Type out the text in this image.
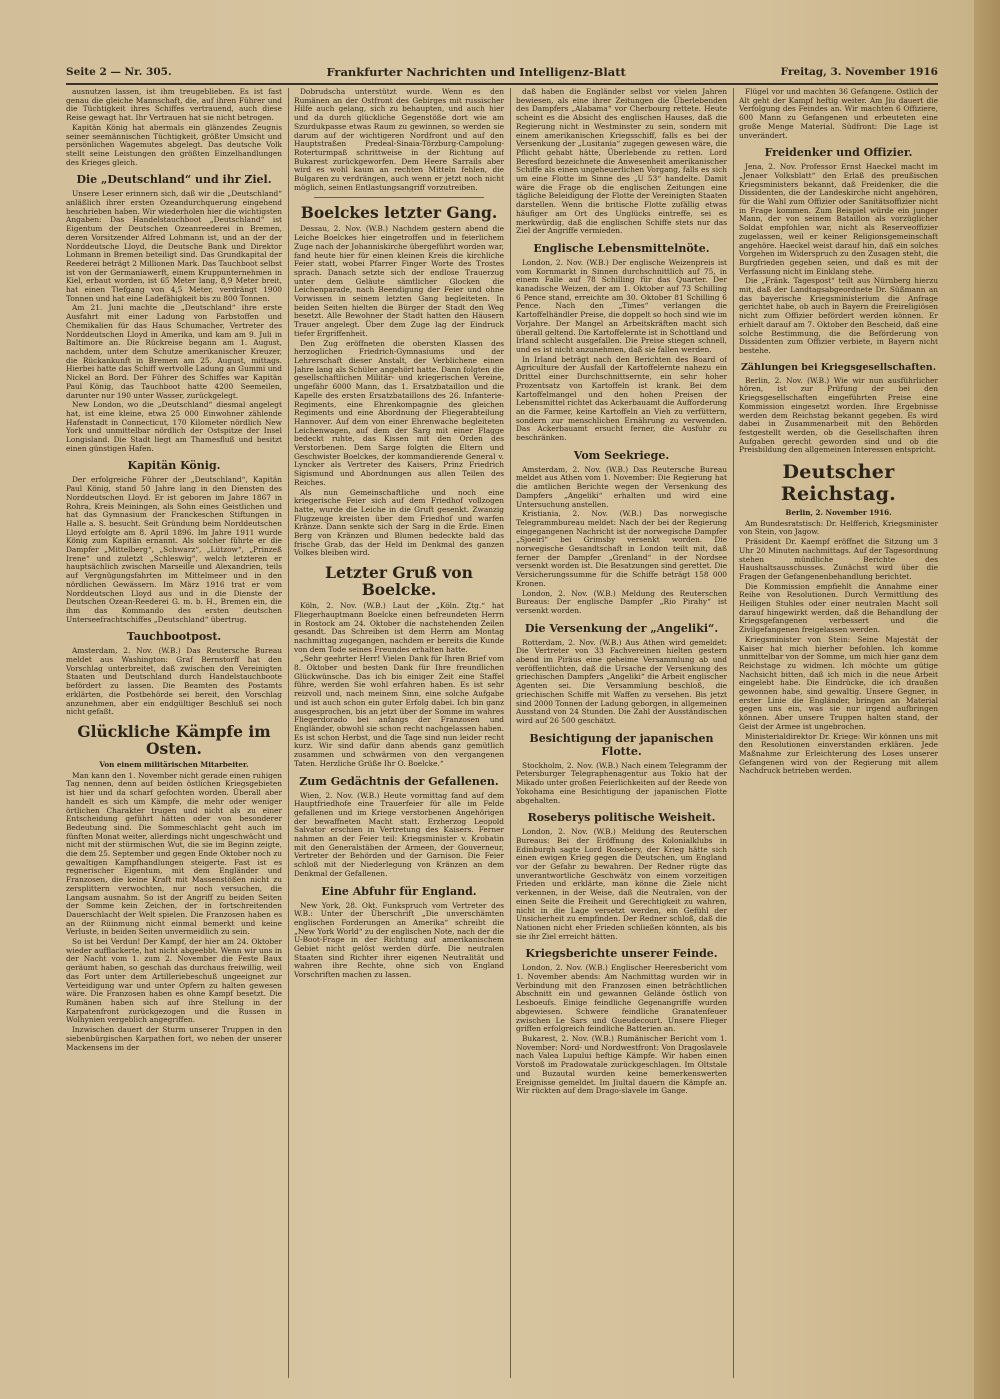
Seite 2 — Nr. 305.	Frankfurter Nachrichten und Intelligenz-Blatt	Freitag, 3. November 1916

ausnutzen lassen, ist ihm treugeblieben. Es ist fast genau die gleiche Mannschaft, die, auf ihren Führer und die Tüchtigkeit ihres Schiffes vertrauend, auch diese Reise gewagt hat. Ihr Vertrauen hat sie nicht betrogen.

Kapitän König hat abermals ein glänzendes Zeugnis seiner seemännischen Tüchtigkeit, größter Umsicht und persönlichen Wagemutes abgelegt. Das deutsche Volk stellt seine Leistungen den größten Einzelhandlungen des Krieges gleich.

Die „Deutschland“ und ihr Ziel.

Unsere Leser erinnern sich, daß wir die „Deutschland“ anläßlich ihrer ersten Ozeandurchquerung eingehend beschrieben haben. Wir wiederholen hier die wichtigsten Angaben: Das Handelstauchboot „Deutschland“ ist Eigentum der Deutschen Ozeanreederei in Bremen, deren Vorsitzender Alfred Lohmann ist, und an der der Norddeutsche Lloyd, die Deutsche Bank und Direktor Lohmann in Bremen beteiligt sind. Das Grundkapital der Reederei beträgt 2 Millionen Mark. Das Tauchboot selbst ist von der Germaniawerft, einem Kruppunternehmen in Kiel, erbaut worden, ist 65 Meter lang, 8,9 Meter breit, hat einen Tiefgang von 4,5 Meter, verdrängt 1900 Tonnen und hat eine Ladefähigkeit bis zu 800 Tonnen.

Am 21. Juni machte die „Deutschland“ ihre erste Ausfahrt mit einer Ladung von Farbstoffen und Chemikalien für das Haus Schumacher, Vertreter des Norddeutschen Lloyd in Amerika, und kam am 9. Juli in Baltimore an. Die Rückreise begann am 1. August, nachdem, unter dem Schutze amerikanischer Kreuzer, die Rückankunft in Bremen am 25. August, mittags. Hierbei hatte das Schiff wertvolle Ladung an Gummi und Nickel an Bord. Der Führer des Schiffes war Kapitän Paul König, das Tauchboot hatte 4200 Seemeilen, darunter nur 190 unter Wasser, zurückgelegt.

New London, wo die „Deutschland“ diesmal angelegt hat, ist eine kleine, etwa 25 000 Einwohner zählende Hafenstadt in Connecticut, 170 Kilometer nördlich New York und unmittelbar nördlich der Ostspitze der Insel Longisland. Die Stadt liegt am Thamesfluß und besitzt einen günstigen Hafen.

Kapitän König.

Der erfolgreiche Führer der „Deutschland“, Kapitän Paul König, stand 50 Jahre lang in den Diensten des Norddeutschen Lloyd. Er ist geboren im Jahre 1867 in Rohra, Kreis Meiningen, als Sohn eines Geistlichen und hat das Gymnasium der Franckeschen Stiftungen in Halle a. S. besucht. Seit Gründung beim Norddeutschen Lloyd erfolgte am 8. April 1896. Im Jahre 1911 wurde König zum Kapitän ernannt. Als solcher führte er die Dampfer „Mittelberg“, „Schwarz“, „Lützow“, „Prinzeß Irene“ und zuletzt „Schleswig“, welch letzteren er hauptsächlich zwischen Marseille und Alexandrien, teils auf Vergnügungsfahrten im Mittelmeer und in den nördlichen Gewässern. Im März 1916 trat er vom Norddeutschen Lloyd aus und in die Dienste der Deutschen Ozean-Reederei G. m. b. H., Bremen ein, die ihm das Kommando des ersten deutschen Unterseefrachtschiffes „Deutschland“ übertrug.

Tauchbootpost.

Amsterdam, 2. Nov. (W.B.) Das Reutersche Bureau meldet aus Washington: Graf Bernstorff hat den Vorschlag unterbreitet, daß zwischen den Vereinigten Staaten und Deutschland durch Handelstauchboote befördert zu lassen. Die Beamten des Postamts erklärten, die Postbehörde sei bereit, den Vorschlag anzunehmen, aber ein endgültiger Beschluß sei noch nicht gefaßt.

Glückliche Kämpfe im Osten.
Von einem militärischen Mitarbeiter.

Man kann den 1. November nicht gerade einen ruhigen Tag nennen, denn auf beiden östlichen Kriegsgebieten ist hier und da scharf gefochten worden. Überall aber handelt es sich um Kämpfe, die mehr oder weniger örtlichen Charakter trugen und nicht als zu einer Entscheidung geführt hätten oder von besonderer Bedeutung sind. Die Sommeschlacht geht auch im fünften Monat weiter, allerdings nicht ungeschwächt und nicht mit der stürmischen Wut, die sie im Beginn zeigte, die dem 25. September und gegen Ende Oktober noch zu gewaltigen Kampfhandlungen steigerte. Fast ist es regnerischer Eigentum, mit dem Engländer und Franzosen, die keine Kraft mit Massenstößen nicht zu zersplittern verwochten, nur noch versuchen, die Langsam ausnahm. So ist der Angriff zu beiden Seiten der Somme kein Zeichen, der in fortschreitenden Dauerschlacht der Welt spielen. Die Franzosen haben es an der Rüinmung nicht einmal bemerkt und keine Verluste, in beiden Seiten unvermeidlich zu sein.

So ist bei Verdun! Der Kampf, der hier am 24. Oktober wieder aufflackerte, hat nicht abgeebbt. Wenn wir uns in der Nacht vom 1. zum 2. November die Feste Baux geräumt haben, so geschah das durchaus freiwillig, weil das Fort unter dem Artilleriebeschuß ungeeignet zur Verteidigung war und unter Opfern zu halten gewesen wäre. Die Franzosen haben es ohne Kampf besetzt. Die Rumänen haben sich auf ihre Stellung in der Karpatenfront zurückgezogen und die Russen in Wolhynien vergeblich angegriffen.

Inzwischen dauert der Sturm unserer Truppen in den siebenbürgischen Karpathen fort, wo neben der unserer Mackensens im der

Dobrudscha unterstützt wurde. Wenn es den Rumänen an der Ostfront des Gebirges mit russischer Hilfe auch gelang, sich zu behaupten, und auch hier und da durch glückliche Gegenstöße dort wie am Szurdukpasse etwas Raum zu gewinnen, so werden sie darum auf der wichtigeren Nordfront und auf den Hauptstraßen Predeal-Sinaia-Törzburg-Campolung-Roterturmpaß schrittweise in der Richtung auf Bukarest zurückgeworfen. Dem Heere Sarrails aber wird es wohl kaum an rechten Mitteln fehlen, die Bulgaren zu verdrängen, auch wenn er jetzt noch nicht möglich, seinen Entlastungsangriff vorzutreiben.

Boelckes letzter Gang.

Dessau, 2. Nov. (W.B.) Nachdem gestern abend die Leiche Boelckes hier eingetroffen und in feierlichem Zuge nach der Johanniskirche übergeführt worden war, fand heute hier für einen kleinen Kreis die kirchliche Feier statt, wobei Pfarrer Finger Worte des Trostes sprach. Danach setzte sich der endlose Trauerzug unter dem Geläute sämtlicher Glocken die Leichenparade, nach Beendigung der Feier und ohne Vorwissen in seinem letzten Gang begleiteten. In beiden Seiten hielten die Bürger der Stadt den Weg besetzt. Alle Bewohner der Stadt hatten den Häusern Trauer angelegt. Über dem Zuge lag der Eindruck tiefer Ergriffenheit.

Den Zug eröffneten die obersten Klassen des herzoglichen Friedrich-Gymnasiums und der Lehrerschaft dieser Anstalt, der Verblichene einen Jahre lang als Schüler angehört hatte. Dann folgten die gesellschaftlichen Militär- und kriegerischen Vereine, ungefähr 6000 Mann, das 1. Ersatzbataillon und die Kapelle des ersten Ersatzbataillons des 26. Infanterie-Regiments, eine Ehrenkompagnie des gleichen Regiments und eine Abordnung der Fliegerabteilung Hannover. Auf dem von einer Ehrenwache begleiteten Leichenwagen, auf dem der Sarg mit einer Flagge bedeckt ruhte, das Kissen mit den Orden des Verstorbenen. Dem Sarge folgten die Eltern und Geschwister Boelckes, der kommandierende General v. Lyncker als Vertreter des Kaisers, Prinz Friedrich Sigismund und Abordnungen aus allen Teilen des Reiches.

Als nun Gemeinschaftliche und noch eine kriegerische Feier sich auf dem Friedhof vollzogen hatte, wurde die Leiche in die Gruft gesenkt. Zwanzig Flugzeuge kreisten über dem Friedhof und warfen Kränze. Dann senkte sich der Sarg in die Erde. Einen Berg von Kränzen und Blumen bedeckte bald das frische Grab, das der Held im Denkmal des ganzen Volkes bleiben wird.

Letzter Gruß von Boelcke.

Köln, 2. Nov. (W.B.) Laut der „Köln. Ztg.“ hat Fliegerhauptmann Boelcke einen befreundeten Herrn in Rostock am 24. Oktober die nachstehenden Zeilen gesandt. Das Schreiben ist dem Herrn am Montag nachmittag zugegangen, nachdem er bereits die Kunde von dem Tode seines Freundes erhalten hatte.

„Sehr geehrter Herr! Vielen Dank für Ihren Brief vom 8. Oktober und besten Dank für Ihre freundlichen Glückwünsche. Das ich bis einiger Zeit eine Staffel führe, werden Sie wohl erfahren haben. Es ist sehr reizvoll und, nach meinem Sinn, eine solche Aufgabe und ist auch schon ein guter Erfolg dabei. Ich bin ganz ausgesprochen, bis an jetzt über der Somme im wahres Fliegerdorado bei anfangs der Franzosen und Engländer, obwohl sie schon recht nachgelassen haben. Es ist schon Herbst, und die Tage sind nun leider recht kurz. Wir sind dafür dann abends ganz gemütlich zusammen und schwärmen von den vergangenen Taten. Herzliche Grüße Ihr O. Boelcke.“

Zum Gedächtnis der Gefallenen.

Wien, 2. Nov. (W.B.) Heute vormittag fand auf dem Hauptfriedhofe eine Trauerfeier für alle im Felde gefallenen und im Kriege verstorbenen Angehörigen der bewaffneten Macht statt. Erzherzog Leopold Salvator erschien in Vertretung des Kaisers. Ferner nahmen an der Feier teil: Kriegsminister v. Krobatin mit den Generalstäben der Armeen, der Gouverneur, Vertreter der Behörden und der Garnison. Die Feier schloß mit der Niederlegung von Kränzen an dem Denkmal der Gefallenen.

Eine Abfuhr für England.

New York, 28. Okt. Funkspruch vom Vertreter des W.B.: Unter der Überschrift „Die unverschämten englischen Forderungen an Amerika“ schreibt die „New York World“ zu der englischen Note, nach der die U-Boot-Frage in der Richtung auf amerikanischem Gebiet nicht gelöst werden dürfe. Die neutralen Staaten sind Richter ihrer eigenen Neutralität und wahren ihre Rechte, ohne sich von England Vorschriften machen zu lassen.

daß haben die Engländer selbst vor vielen Jahren bewiesen, als eine ihrer Zeitungen die Überlebenden des Dampfers „Alabama“ vor Cherbourg rettete. Heute scheint es die Absicht des englischen Hauses, daß die Regierung nicht in Westminster zu sein, sondern mit einem amerikanischen Kriegsschiff, falls es bei der Versenkung der „Lusitania“ zugegen gewesen wäre, die Pflicht gehabt hätte, Überlebende zu retten. Lord Beresford bezeichnete die Anwesenheit amerikanischer Schiffe als einen ungeheuerlichen Vorgang, falls es sich um eine Flotte im Sinne des „U 53“ handelte. Damit wäre die Frage ob die englischen Zeitungen eine tägliche Beleidigung der Flotte der Vereinigten Staaten darstellen. Wenn die britische Flotte zufällig etwas häufiger am Ort des Unglücks eintreffe, sei es merkwürdig, daß die englischen Schiffe stets nur das Ziel der Angriffe vermieden.

Englische Lebensmittelnöte.

London, 2. Nov. (W.B.) Der englische Weizenpreis ist vom Kornmarkt in Sinnen durchschnittlich auf 75, in einem Falle auf 78 Schilling für das Quarter. Der kanadische Weizen, der am 1. Oktober auf 73 Schilling 6 Pence stand, erreichte am 30. Oktober 81 Schilling 6 Pence. Nach den „Times“ verlangen die Kartoffelhändler Preise, die doppelt so hoch sind wie im Vorjahre. Der Mangel an Arbeitskräften macht sich überall geltend. Die Kartoffelernte ist in Schottland und Irland schlecht ausgefallen. Die Preise stiegen schnell, und es ist nicht anzunehmen, daß sie fallen werden.

In Irland beträgt nach den Berichten des Board of Agriculture der Ausfall der Kartoffelernte nahezu ein Drittel einer Durchschnittsernte, ein sehr hoher Prozentsatz von Kartoffeln ist krank. Bei dem Kartoffelmangel und den hohen Preisen der Lebensmittel richtet das Ackerbauamt die Aufforderung an die Farmer, keine Kartoffeln an Vieh zu verfüttern, sondern zur menschlichen Ernährung zu verwenden. Das Ackerbauamt ersucht ferner, die Ausfuhr zu beschränken.

Vom Seekriege.

Amsterdam, 2. Nov. (W.B.) Das Reutersche Bureau meldet aus Athen vom 1. November: Die Regierung hat die amtlichen Berichte wegen der Versenkung des Dampfers „Angeliki“ erhalten und wird eine Untersuchung anstellen.

Kristiania, 2. Nov. (W.B.) Das norwegische Telegrammbureau meldet: Nach der bei der Regierung eingegangenen Nachricht ist der norwegische Dampfer „Sjoeirl“ bei Grimsby versenkt worden. Die norwegische Gesandtschaft in London teilt mit, daß ferner der Dampfer „Grenland“ in der Nordsee versenkt worden ist. Die Besatzungen sind gerettet. Die Versicherungssumme für die Schiffe beträgt 158 000 Kronen.

London, 2. Nov. (W.B.) Meldung des Reuterschen Bureaus: Der englische Dampfer „Rio Pirahy“ ist versenkt worden.

Die Versenkung der „Angeliki“.

Rotterdam, 2. Nov. (W.B.) Aus Athen wird gemeldet: Die Vertreter von 33 Fachvereinen hielten gestern abend im Piräus eine geheime Versammlung ab und veröffentlichten, daß die Ursache der Versenkung des griechischen Dampfers „Angeliki“ die Arbeit englischer Agenten sei. Die Versammlung beschloß, die griechischen Schiffe mit Waffen zu versehen. Bis jetzt sind 2000 Tonnen der Ladung geborgen, in allgemeinen Ausstand von 24 Stunden. Die Zahl der Ausständischen wird auf 26 500 geschätzt.

Besichtigung der japanischen Flotte.

Stockholm, 2. Nov. (W.B.) Nach einem Telegramm der Petersburger Telegraphenagentur aus Tokio hat der Mikado unter großen Feierlichkeiten auf der Reede von Yokohama eine Besichtigung der japanischen Flotte abgehalten.

Roseberys politische Weisheit.

London, 2. Nov. (W.B.) Meldung des Reuterschen Bureaus: Bei der Eröffnung des Kolonialklubs in Edinburgh sagte Lord Rosebery, der Krieg hätte sich einen ewigen Krieg gegen die Deutschen, um England vor der Gefahr zu bewahren. Der Redner rügte das unverantwortliche Geschwätz von einem vorzeitigen Frieden und erklärte, man könne die Ziele nicht verkennen, in der Weise, daß die Neutralen, von der einen Seite die Freiheit und Gerechtigkeit zu wahren, nicht in die Lage versetzt werden, ein Gefühl der Unsicherheit zu empfinden. Der Redner schloß, daß die Nationen nicht eher Frieden schließen könnten, als bis sie ihr Ziel erreicht hätten.

Kriegsberichte unserer Feinde.

London, 2. Nov. (W.B.) Englischer Heeresbericht vom 1. November abends: Am Nachmittag wurden wir in Verbindung mit den Franzosen einen beträchtlichen Abschnitt ein und gewannen Gelände östlich von Lesboeufs. Einige feindliche Gegenangriffe wurden abgewiesen. Schwere feindliche Granatenfeuer zwischen Le Sars und Gueudecourt. Unsere Flieger griffen erfolgreich feindliche Batterien an.

Bukarest, 2. Nov. (W.B.) Rumänischer Bericht vom 1. November: Nord- und Nordwestfront: Von Dragoslavele nach Valea Lupului heftige Kämpfe. Wir haben einen Vorstoß im Pradowatale zurückgeschlagen. Im Oltstale und Buzautal wurden keine bemerkenswerten Ereignisse gemeldet. Im Jiultal dauern die Kämpfe an. Wir rückten auf dem Drago-slavele im Gange.

Flügel vor und machten 36 Gefangene. Östlich der Alt geht der Kampf heftig weiter. Am Jiu dauert die Verfolgung des Feindes an. Wir machten 6 Offiziere, 600 Mann zu Gefangenen und erbeuteten eine große Menge Material. Südfront: Die Lage ist unverändert.

Freidenker und Offizier.

Jena, 2. Nov. Professor Ernst Haeckel macht im „Jenaer Volksblatt“ den Erlaß des preußischen Kriegsministers bekannt, daß Freidenker, die die Dissidenten, die der Landeskirche nicht angehören, für die Wahl zum Offizier oder Sanitätsoffizier nicht in Frage kommen. Zum Beispiel würde ein junger Mann, der von seinem Bataillon als vorzüglicher Soldat empfohlen war, nicht als Reserveoffizier zugelassen, weil er keiner Religionsgemeinschaft angehöre. Haeckel weist darauf hin, daß ein solches Vorgehen im Widerspruch zu den Zusagen steht, die Burgfrieden gegeben seien, und daß es mit der Verfassung nicht im Einklang stehe.

Die „Fränk. Tagespost“ teilt aus Nürnberg hierzu mit, daß der Landtagsabgeordnete Dr. Süßmann an das bayerische Kriegsministerium die Anfrage gerichtet habe, ob auch in Bayern die Freireligiösen nicht zum Offizier befördert werden können. Er erhielt darauf am 7. Oktober den Bescheid, daß eine solche Bestimmung, die die Beförderung von Dissidenten zum Offizier verbiete, in Bayern nicht bestehe.

Zählungen bei Kriegsgesellschaften.

Berlin, 2. Nov. (W.B.) Wie wir nun ausführlicher hören, ist zur Prüfung der bei den Kriegsgesellschaften eingeführten Preise eine Kommission eingesetzt worden. Ihre Ergebnisse werden dem Reichstag bekannt gegeben. Es wird dabei in Zusammenarbeit mit den Behörden festgestellt werden, ob die Gesellschaften ihren Aufgaben gerecht geworden sind und ob die Preisbildung den allgemeinen Interessen entspricht.

Deutscher Reichstag.
Berlin, 2. November 1916.

Am Bundesratstisch: Dr. Helfferich, Kriegsminister von Stein, von Jagow.

Präsident Dr. Kaempf eröffnet die Sitzung um 3 Uhr 20 Minuten nachmittags. Auf der Tagesordnung stehen mündliche Berichte des Haushaltsausschusses. Zunächst wird über die Fragen der Gefangenenbehandlung berichtet.

Die Kommission empfiehlt die Annahme einer Reihe von Resolutionen. Durch Vermittlung des Heiligen Stuhles oder einer neutralen Macht soll darauf hingewirkt werden, daß die Behandlung der Kriegsgefangenen verbessert und die Zivilgefangenen freigelassen werden.

Kriegsminister von Stein: Seine Majestät der Kaiser hat mich hierher befohlen. Ich komme unmittelbar von der Somme, um mich hier ganz dem Reichstage zu widmen. Ich möchte um gütige Nachsicht bitten, daß ich mich in die neue Arbeit eingelebt habe. Die Eindrücke, die ich draußen gewonnen habe, sind gewaltig. Unsere Gegner, in erster Linie die Engländer, bringen an Material gegen uns ein, was sie nur irgend aufbringen können. Aber unsere Truppen halten stand, der Geist der Armee ist ungebrochen.

Ministerialdirektor Dr. Kriege: Wir können uns mit den Resolutionen einverstanden erklären. Jede Maßnahme zur Erleichterung des Loses unserer Gefangenen wird von der Regierung mit allem Nachdruck betrieben werden.
